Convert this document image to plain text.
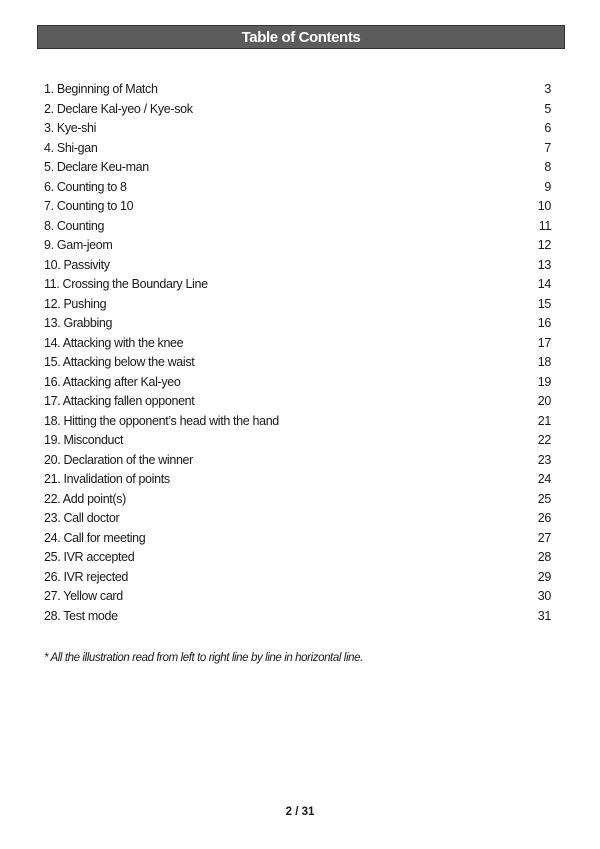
Table of Contents
1. Beginning of Match	3
2. Declare Kal-yeo / Kye-sok	5
3. Kye-shi	6
4. Shi-gan	7
5. Declare Keu-man	8
6. Counting to 8	9
7. Counting to 10	10
8. Counting	11
9. Gam-jeom	12
10. Passivity	13
11. Crossing the Boundary Line	14
12. Pushing	15
13. Grabbing	16
14. Attacking with the knee	17
15. Attacking below the waist	18
16. Attacking after Kal-yeo	19
17. Attacking fallen opponent	20
18. Hitting the opponent’s head with the hand	21
19. Misconduct	22
20. Declaration of the winner	23
21. Invalidation of points	24
22. Add point(s)	25
23. Call doctor	26
24. Call for meeting	27
25. IVR accepted	28
26. IVR rejected	29
27. Yellow card	30
28. Test mode	31
* All the illustration read from left to right line by line in horizontal line.
2 / 31
